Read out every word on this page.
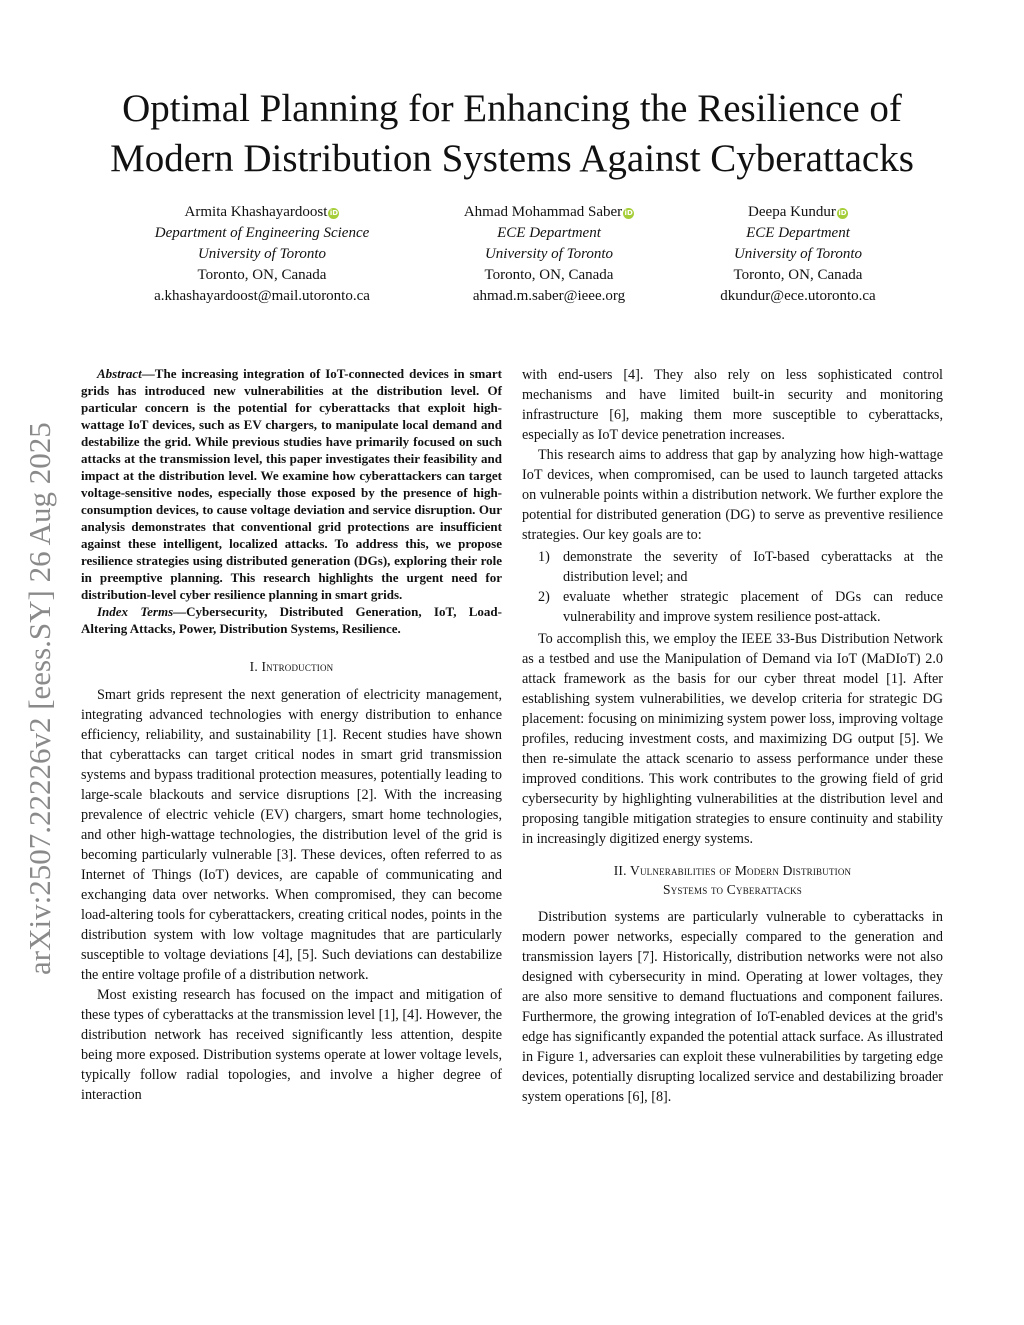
Optimal Planning for Enhancing the Resilience of Modern Distribution Systems Against Cyberattacks
Armita Khashayardoost iD
Department of Engineering Science
University of Toronto
Toronto, ON, Canada
a.khashayardoost@mail.utoronto.ca
Ahmad Mohammad Saber iD
ECE Department
University of Toronto
Toronto, ON, Canada
ahmad.m.saber@ieee.org
Deepa Kundur iD
ECE Department
University of Toronto
Toronto, ON, Canada
dkundur@ece.utoronto.ca
arXiv:2507.22226v2 [eess.SY] 26 Aug 2025

Abstract—The increasing integration of IoT-connected devices in smart grids has introduced new vulnerabilities at the distribution level. Of particular concern is the potential for cyberattacks that exploit high-wattage IoT devices, such as EV chargers, to manipulate local demand and destabilize the grid. While previous studies have primarily focused on such attacks at the transmission level, this paper investigates their feasibility and impact at the distribution level. We examine how cyberattackers can target voltage-sensitive nodes, especially those exposed by the presence of high-consumption devices, to cause voltage deviation and service disruption. Our analysis demonstrates that conventional grid protections are insufficient against these intelligent, localized attacks. To address this, we propose resilience strategies using distributed generation (DGs), exploring their role in preemptive planning. This research highlights the urgent need for distribution-level cyber resilience planning in smart grids.

Index Terms—Cybersecurity, Distributed Generation, IoT, Load-Altering Attacks, Power, Distribution Systems, Resilience.

I. Introduction

Smart grids represent the next generation of electricity management, integrating advanced technologies with energy distribution to enhance efficiency, reliability, and sustainability [1]. Recent studies have shown that cyberattacks can target critical nodes in smart grid transmission systems and bypass traditional protection measures, potentially leading to large-scale blackouts and service disruptions [2]. With the increasing prevalence of electric vehicle (EV) chargers, smart home technologies, and other high-wattage technologies, the distribution level of the grid is becoming particularly vulnerable [3]. These devices, often referred to as Internet of Things (IoT) devices, are capable of communicating and exchanging data over networks. When compromised, they can become load-altering tools for cyberattackers, creating critical nodes, points in the distribution system with low voltage magnitudes that are particularly susceptible to voltage deviations [4], [5]. Such deviations can destabilize the entire voltage profile of a distribution network.

Most existing research has focused on the impact and mitigation of these types of cyberattacks at the transmission level [1], [4]. However, the distribution network has received significantly less attention, despite being more exposed. Distribution systems operate at lower voltage levels, typically follow radial topologies, and involve a higher degree of interaction

with end-users [4]. They also rely on less sophisticated control mechanisms and have limited built-in security and monitoring infrastructure [6], making them more susceptible to cyberattacks, especially as IoT device penetration increases.

This research aims to address that gap by analyzing how high-wattage IoT devices, when compromised, can be used to launch targeted attacks on vulnerable points within a distribution network. We further explore the potential for distributed generation (DG) to serve as preventive resilience strategies. Our key goals are to:

1) demonstrate the severity of IoT-based cyberattacks at the distribution level; and
2) evaluate whether strategic placement of DGs can reduce vulnerability and improve system resilience post-attack.

To accomplish this, we employ the IEEE 33-Bus Distribution Network as a testbed and use the Manipulation of Demand via IoT (MaDIoT) 2.0 attack framework as the basis for our cyber threat model [1]. After establishing system vulnerabilities, we develop criteria for strategic DG placement: focusing on minimizing system power loss, improving voltage profiles, reducing investment costs, and maximizing DG output [5]. We then re-simulate the attack scenario to assess performance under these improved conditions. This work contributes to the growing field of grid cybersecurity by highlighting vulnerabilities at the distribution level and proposing tangible mitigation strategies to ensure continuity and stability in increasingly digitized energy systems.

II. Vulnerabilities of Modern Distribution
Systems to Cyberattacks

Distribution systems are particularly vulnerable to cyberattacks in modern power networks, especially compared to the generation and transmission layers [7]. Historically, distribution networks were not also designed with cybersecurity in mind. Operating at lower voltages, they are also more sensitive to demand fluctuations and component failures. Furthermore, the growing integration of IoT-enabled devices at the grid's edge has significantly expanded the potential attack surface. As illustrated in Figure 1, adversaries can exploit these vulnerabilities by targeting edge devices, potentially disrupting localized service and destabilizing broader system operations [6], [8].
